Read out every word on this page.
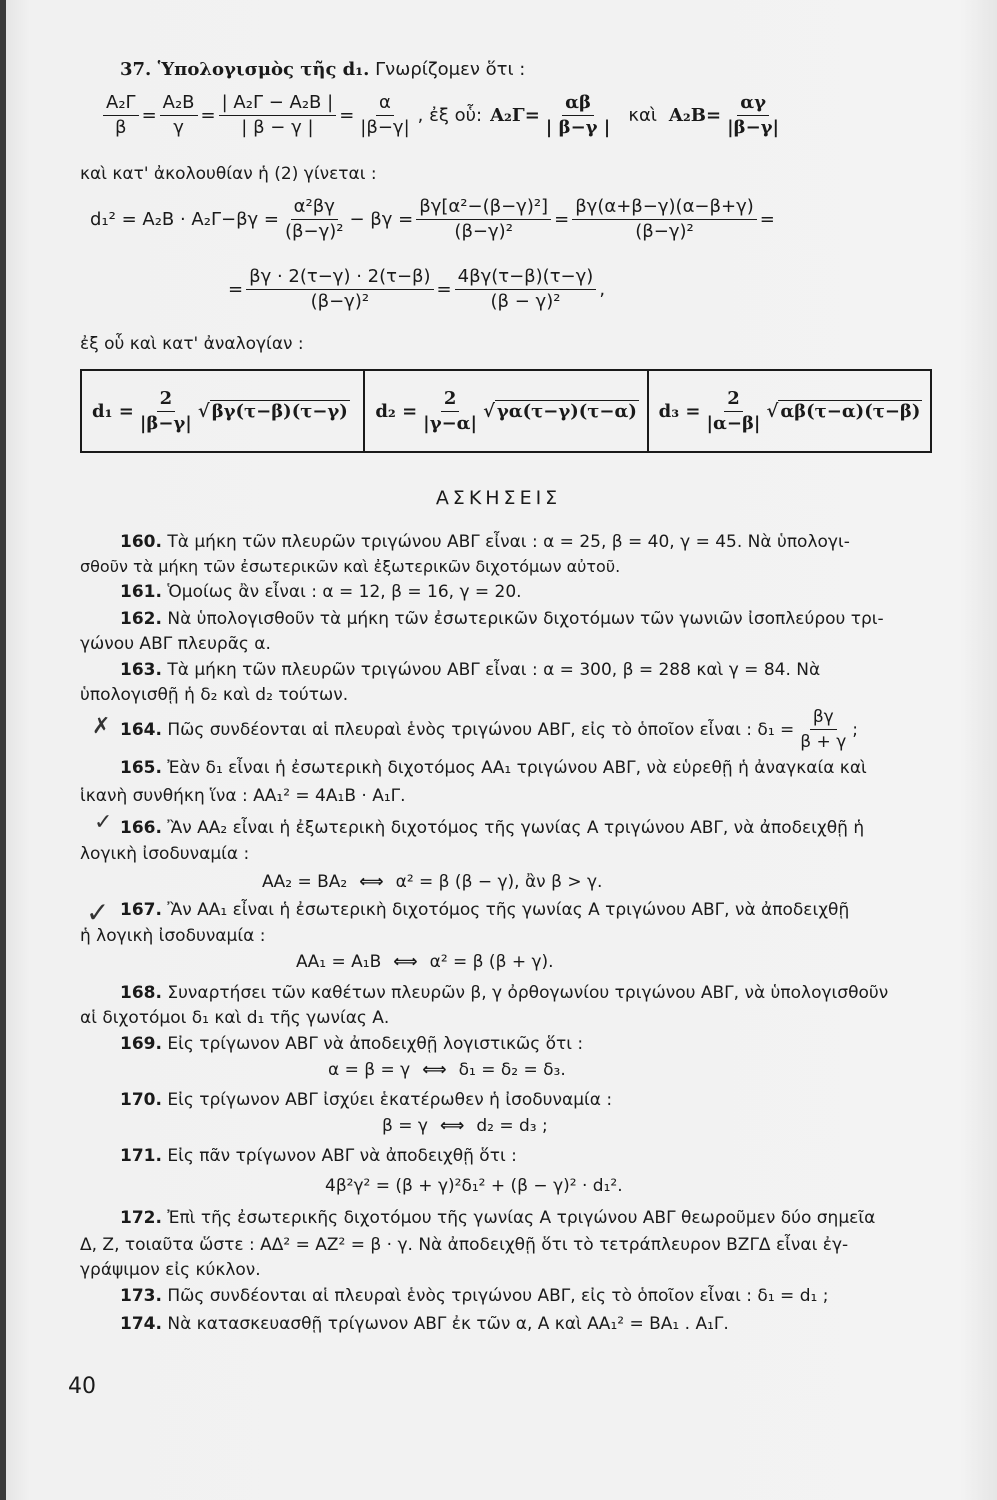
37. Ὑπολογισμὸς τῆς d₁. Γνωρίζομεν ὅτι :
$\frac{\text{A₂Γ}}{\beta} = \frac{\text{A₂B}}{\gamma} = \frac{\text{| A₂Γ − A₂B |}}{| \beta - \gamma |} = \frac{\alpha}{|\beta-\gamma|}$ , ἐξ οὗ: $A_2\Gamma= \frac{\alpha\beta}{| \beta-\gamma |}$ καὶ $A_2B= \frac{\alpha\gamma}{|\beta-\gamma|}$
καὶ κατ' ἀκολουθίαν ἡ (2) γίνεται :
$d_1^2 = A_2B \cdot A_2\Gamma-\beta\gamma = \frac{\text{α²βγ}}{\text{(β−γ)²}} - \beta\gamma = \frac{\text{βγ[α²−(β−γ)²]}}{\text{(β−γ)²}} = \frac{\beta\gamma(\alpha+\beta-\gamma)(\alpha-\beta+\gamma)}{\text{(β−γ)²}}$ =
= $\frac{\beta\gamma \cdot 2(\tau-\gamma) \cdot 2(\tau-\beta)}{\text{(β−γ)²}} = \frac{4\beta\gamma(\tau-\beta)(\tau-\gamma)}{\text{(β − γ)²}}$ ,
ἐξ οὗ καὶ κατ' ἀναλογίαν :
$d_1 = \frac{2}{|\beta-\gamma|}$ √ βγ(τ−β)(τ−γ) $d_2 = \frac{2}{|\gamma-\alpha|}$ √ γα(τ−γ)(τ−α) $d_3 = \frac{2}{|\alpha-\beta|}$ √ αβ(τ−α)(τ−β)
ΑΣΚΗΣΕΙΣ
160. Τὰ μήκη τῶν πλευρῶν τριγώνου ΑΒΓ εἶναι : α = 25, β = 40, γ = 45. Νὰ ὑπολογι-
σθοῦν τὰ μήκη τῶν ἐσωτερικῶν καὶ ἐξωτερικῶν διχοτόμων αὐτοῦ.
161. Ὁμοίως ἂν εἶναι : α = 12, β = 16, γ = 20.
162. Νὰ ὑπολογισθοῦν τὰ μήκη τῶν ἐσωτερικῶν διχοτόμων τῶν γωνιῶν ἰσοπλεύρου τρι-
γώνου ΑΒΓ πλευρᾶς α.
163. Τὰ μήκη τῶν πλευρῶν τριγώνου ΑΒΓ εἶναι : α = 300, β = 288 καὶ γ = 84. Νὰ
ὑπολογισθῇ ἡ δ₂ καὶ d₂ τούτων.
✗ 164.
Πῶς συνδέονται αἱ πλευραὶ ἑνὸς τριγώνου ΑΒΓ, εἰς τὸ ὁποῖον εἶναι : $\delta_1 = \frac{\beta\gamma}{\beta + \gamma}$ ;
165. Ἐὰν δ₁ εἶναι ἡ ἐσωτερικὴ διχοτόμος ΑΑ₁ τριγώνου ΑΒΓ, νὰ εὑρεθῇ ἡ ἀναγκαία καὶ
ἱκανὴ συνθήκη ἵνα : ΑΑ₁² = 4Α₁Β · Α₁Γ.
✓ 166. Ἂν ΑΑ₂ εἶναι ἡ ἐξωτερικὴ διχοτόμος τῆς γωνίας Α τριγώνου ΑΒΓ, νὰ ἀποδειχθῇ ἡ
λογικὴ ἰσοδυναμία :
ΑΑ₂ = ΒΑ₂ ⟺ α² = β (β − γ), ἂν β > γ.
✓ 167. Ἂν ΑΑ₁ εἶναι ἡ ἐσωτερικὴ διχοτόμος τῆς γωνίας Α τριγώνου ΑΒΓ, νὰ ἀποδειχθῇ
ἡ λογικὴ ἰσοδυναμία :
ΑΑ₁ = Α₁Β ⟺ α² = β (β + γ).
168. Συναρτήσει τῶν καθέτων πλευρῶν β, γ ὀρθογωνίου τριγώνου ΑΒΓ, νὰ ὑπολογισθοῦν
αἱ διχοτόμοι δ₁ καὶ d₁ τῆς γωνίας Α.
169. Εἰς τρίγωνον ΑΒΓ νὰ ἀποδειχθῇ λογιστικῶς ὅτι :
α = β = γ ⟺ δ₁ = δ₂ = δ₃.
170. Εἰς τρίγωνον ΑΒΓ ἰσχύει ἑκατέρωθεν ἡ ἰσοδυναμία :
β = γ ⟺ d₂ = d₃ ;
171. Εἰς πᾶν τρίγωνον ΑΒΓ νὰ ἀποδειχθῇ ὅτι :
4β²γ² = (β + γ)²δ₁² + (β − γ)² · d₁².
172. Ἐπὶ τῆς ἐσωτερικῆς διχοτόμου τῆς γωνίας Α τριγώνου ΑΒΓ θεωροῦμεν δύο σημεῖα
Δ, Ζ, τοιαῦτα ὥστε : ΑΔ² = ΑΖ² = β · γ. Νὰ ἀποδειχθῇ ὅτι τὸ τετράπλευρον ΒΖΓΔ εἶναι ἐγ-
γράψιμον εἰς κύκλον.
173. Πῶς συνδέονται αἱ πλευραὶ ἑνὸς τριγώνου ΑΒΓ, εἰς τὸ ὁποῖον εἶναι : δ₁ = d₁ ;
174. Νὰ κατασκευασθῇ τρίγωνον ΑΒΓ ἐκ τῶν α, Α καὶ ΑΑ₁² = ΒΑ₁ . Α₁Γ.
40
